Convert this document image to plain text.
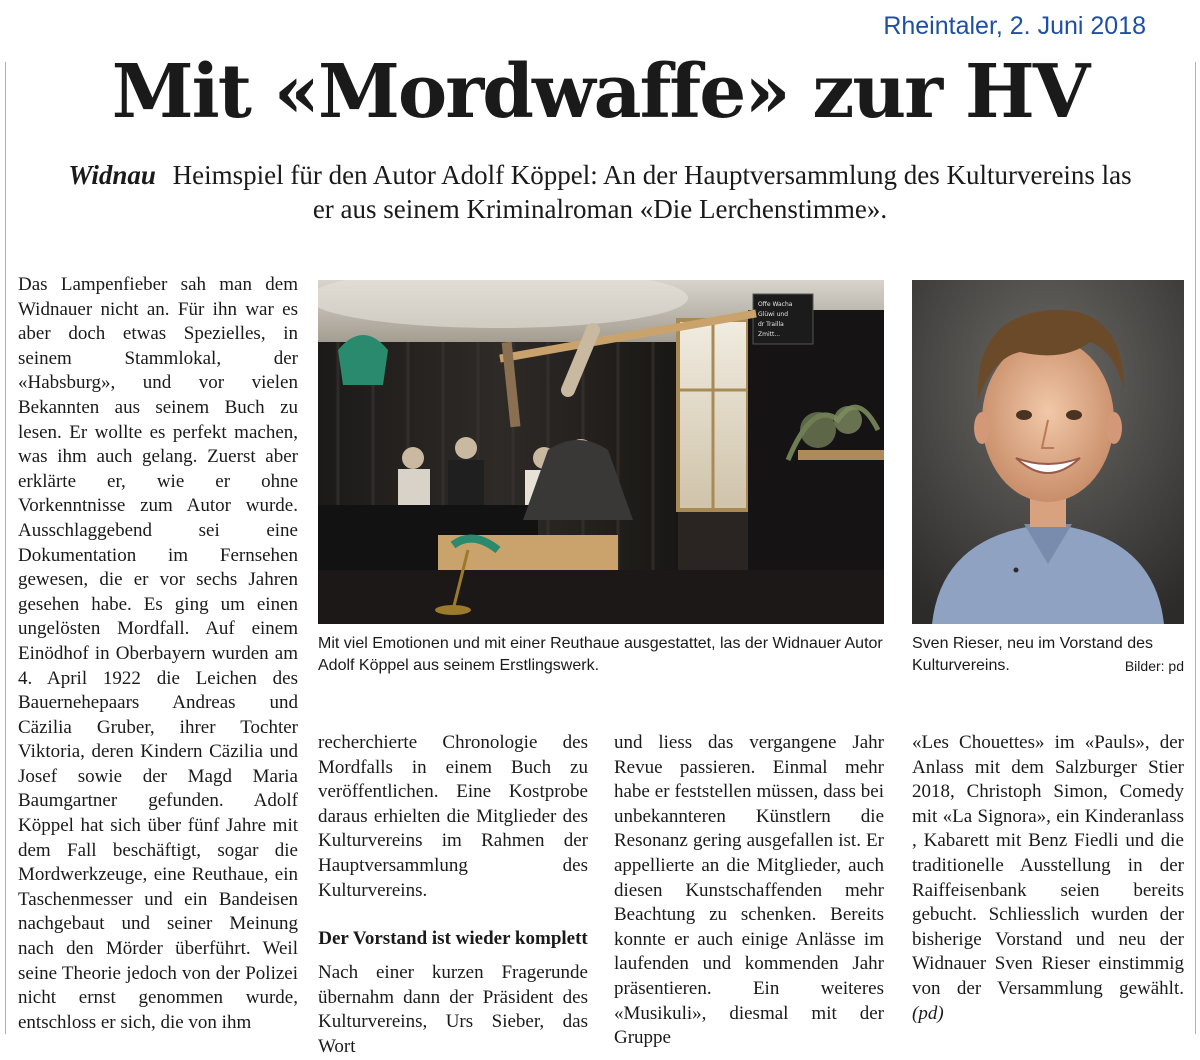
Rheintaler, 2. Juni 2018
Mit «Mordwaffe» zur HV
Widnau Heimspiel für den Autor Adolf Köppel: An der Hauptversammlung des Kulturvereins las er aus seinem Kriminalroman «Die Lerchenstimme».

Das Lampenfieber sah man dem Widnauer nicht an. Für ihn war es aber doch etwas Spezielles, in seinem Stammlokal, der «Habsburg», und vor vielen Bekannten aus seinem Buch zu lesen. Er wollte es perfekt machen, was ihm auch gelang. Zuerst aber erklärte er, wie er ohne Vorkenntnisse zum Autor wurde. Ausschlaggebend sei eine Dokumentation im Fernsehen gewesen, die er vor sechs Jahren gesehen habe. Es ging um einen ungelösten Mordfall. Auf einem Einödhof in Oberbayern wurden am 4. April 1922 die Leichen des Bauernehepaars Andreas und Cäzilia Gruber, ihrer Tochter Viktoria, deren Kindern Cäzilia und Josef sowie der Magd Maria Baumgartner gefunden. Adolf Köppel hat sich über fünf Jahre mit dem Fall beschäftigt, sogar die Mordwerkzeuge, eine Reuthaue, ein Taschenmesser und ein Bandeisen nachgebaut und seiner Meinung nach den Mörder überführt. Weil seine Theorie jedoch von der Polizei nicht ernst genommen wurde, entschloss er sich, die von ihm

Offe Wacha
Glüwi und
dr Trailla
Zmitt...
Mit viel Emotionen und mit einer Reuthaue ausgestattet, las der Widnauer Autor Adolf Köppel aus seinem Erstlingswerk.
Sven Rieser, neu im Vorstand des Kulturvereins.	Bilder: pd

recherchierte Chronologie des Mordfalls in einem Buch zu veröffentlichen. Eine Kostprobe daraus erhielten die Mitglieder des Kulturvereins im Rahmen der Hauptversammlung des Kulturvereins.

Der Vorstand ist wieder komplett

Nach einer kurzen Fragerunde übernahm dann der Präsident des Kulturvereins, Urs Sieber, das Wort

und liess das vergangene Jahr Revue passieren. Einmal mehr habe er feststellen müssen, dass bei unbekannteren Künstlern die Resonanz gering ausgefallen ist. Er appellierte an die Mitglieder, auch diesen Kunstschaffenden mehr Beachtung zu schenken. Bereits konnte er auch einige Anlässe im laufenden und kommenden Jahr präsentieren. Ein weiteres «Musikuli», diesmal mit der Gruppe

«Les Chouettes» im «Pauls», der Anlass mit dem Salzburger Stier 2018, Christoph Simon, Comedy mit «La Signora», ein Kinderanlass , Kabarett mit Benz Fiedli und die traditionelle Ausstellung in der Raiffeisenbank seien bereits gebucht. Schliesslich wurden der bisherige Vorstand und neu der Widnauer Sven Rieser einstimmig von der Versammlung gewählt. (pd)
